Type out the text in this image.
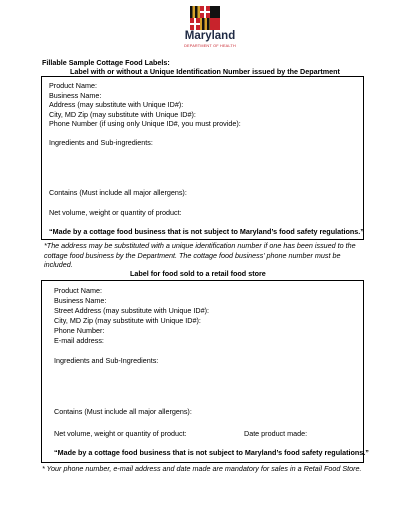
Maryland
DEPARTMENT OF HEALTH
Fillable Sample Cottage Food Labels:
Label with or without a Unique Identification Number issued by the Department
Product Name:
Business Name:
Address (may substitute with Unique ID#):
City, MD Zip (may substitute with Unique ID#):
Phone Number (if using only Unique ID#, you must provide):
Ingredients and Sub-ingredients:
Contains (Must include all major allergens):
Net volume, weight or quantity of product:
“Made by a cottage food business that is not subject to Maryland’s food safety regulations.”
*The address may be substituted with a unique identification number if one has been issued to the
cottage food business by the Department. The cottage food business’ phone number must be
included.
Label for food sold to a retail food store
Product Name:
Business Name:
Street Address (may substitute with Unique ID#):
City, MD Zip (may substitute with Unique ID#):
Phone Number:
E-mail address:
Ingredients and Sub-Ingredients:
Contains (Must include all major allergens):
Net volume, weight or quantity of product:	Date product made:
“Made by a cottage food business that is not subject to Maryland’s food safety regulations.”
* Your phone number, e-mail address and date made are mandatory for sales in a Retail Food Store.
